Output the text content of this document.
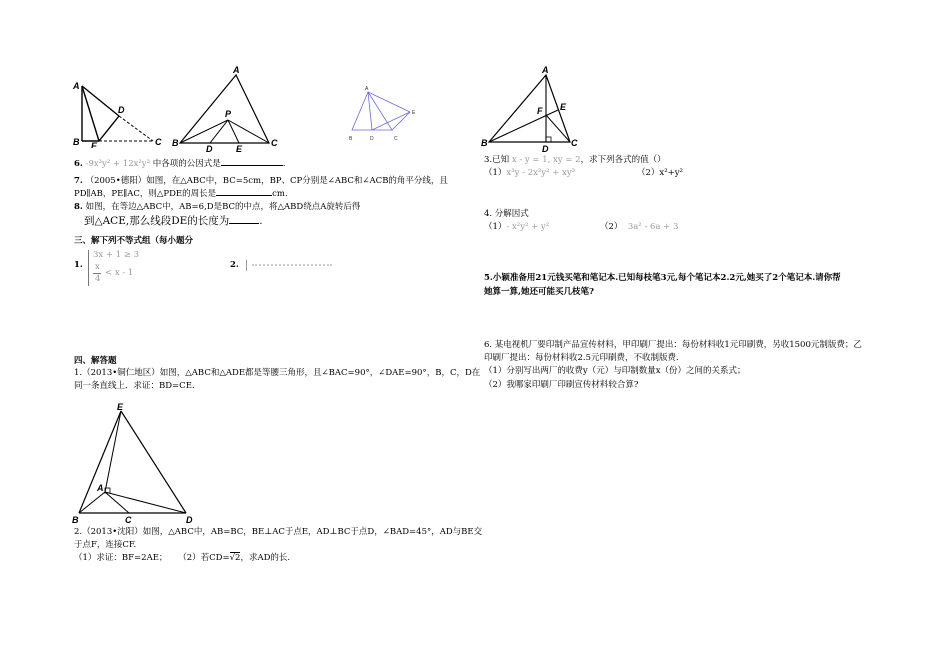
A
B	C
D
E
A
B	C
D	E
P
A
B	C
D
E
6. -9x³y² + 12x²y³ 中各项的公因式是	.
7. （2005•德阳）如图，在△ABC中，BC=5cm，BP、CP分别是∠ABC和∠ACB的角平分线，且
PD∥AB，PE∥AC，则△PDE的周长是	cm.
8. 如图，在等边△ABC中，AB=6,D是BC的中点，将△ABD绕点A旋转后得
到△ACE,那么线段DE的长度为	.
三、解下列不等式组（每小题分
1.
3x + 1 ≥ 3
x
4
< x - 1
2.
四、解答题
1.（2013•铜仁地区）如图，△ABC和△ADE都是等腰三角形，且∠BAC=90°，∠DAE=90°，B，C，D在
同一条直线上．求证：BD=CE.
E
A
B	C	D
2.（2013•沈阳）如图，△ABC中，AB=BC，BE⊥AC于点E，AD⊥BC于点D，∠BAD=45°，AD与BE交
于点F，连接CF.
（1）求证：BF=2AE； （2）若CD=√2，求AD的长.
A
B	C
D
E
F
3.已知 x - y = 1, xy = 2，求下列各式的值（）
（1）x³y - 2x²y² + xy³	（2）x²+y²
4. 分解因式
（1）- x²y² + y²	（2） 3a² - 6a + 3
5.小颖准备用21元钱买笔和笔记本.已知每枝笔3元,每个笔记本2.2元,她买了2个笔记本.请你帮
她算一算,她还可能买几枝笔?
6. 某电视机厂要印制产品宣传材料，甲印刷厂提出：每份材料收1元印刷费，另收1500元制版费；乙
印刷厂提出：每份材料收2.5元印刷费，不收制版费.
（1）分别写出两厂的收费y（元）与印制数量x（份）之间的关系式；
（2）我哪家印刷厂印刷宣传材料较合算?
